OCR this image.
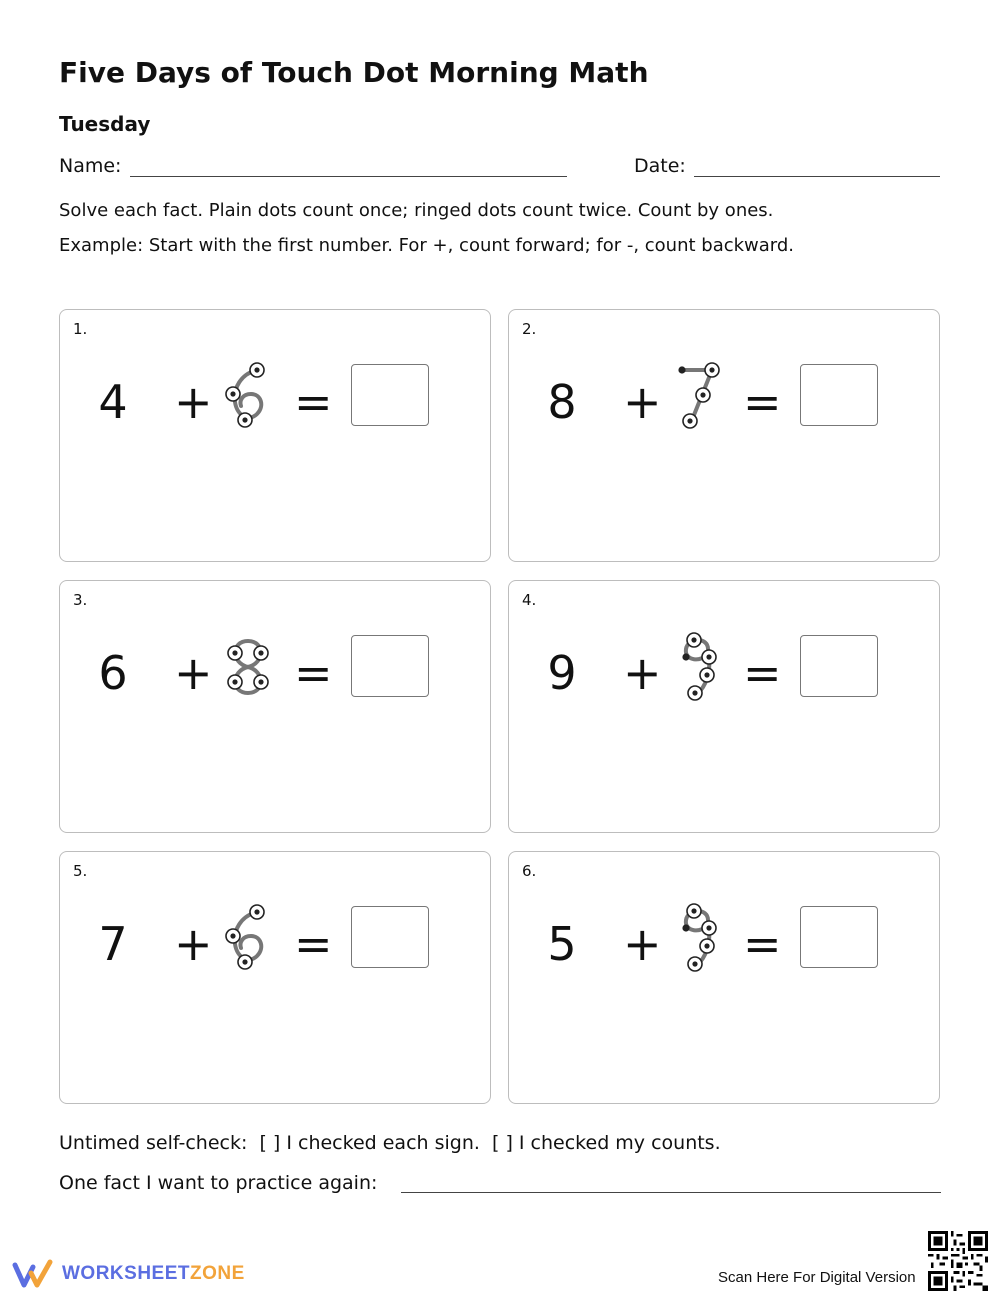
Five Days of Touch Dot Morning Math
Tuesday
Name:	Date:
Solve each fact. Plain dots count once; ringed dots count twice. Count by ones.
Example: Start with the first number. For +, count forward; for -, count backward.
1.
4 + =
2.
8 + =
3.
6 + =
4.
9 + =
5.
7 + =
6.
5 + =
Untimed self-check:  [ ] I checked each sign.  [ ] I checked my counts.
One fact I want to practice again:
WORKSHEETZONE	Scan Here For Digital Version
